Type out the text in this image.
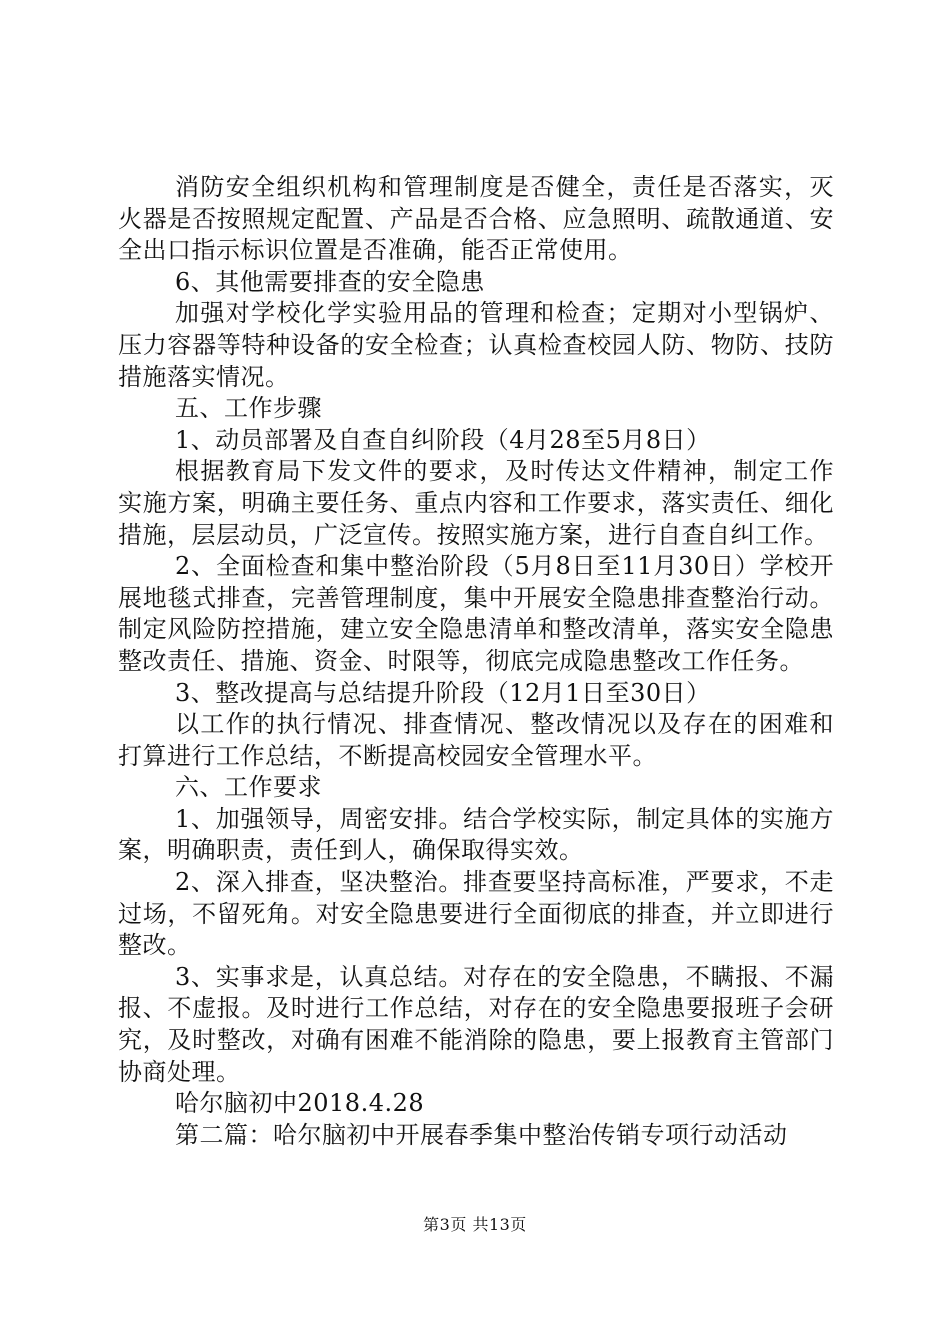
消防安全组织机构和管理制度是否健全，责任是否落实，灭火器是否按照规定配置、产品是否合格、应急照明、疏散通道、安全出口指示标识位置是否准确，能否正常使用。

6、其他需要排查的安全隐患

加强对学校化学实验用品的管理和检查；定期对小型锅炉、压力容器等特种设备的安全检查；认真检查校园人防、物防、技防措施落实情况。

五、工作步骤

1、动员部署及自查自纠阶段（4月28至5月8日）

根据教育局下发文件的要求，及时传达文件精神，制定工作实施方案，明确主要任务、重点内容和工作要求，落实责任、细化措施，层层动员，广泛宣传。按照实施方案，进行自查自纠工作。

2、全面检查和集中整治阶段（5月8日至11月30日）学校开展地毯式排查，完善管理制度，集中开展安全隐患排查整治行动。制定风险防控措施，建立安全隐患清单和整改清单，落实安全隐患整改责任、措施、资金、时限等，彻底完成隐患整改工作任务。

3、整改提高与总结提升阶段（12月1日至30日）

以工作的执行情况、排查情况、整改情况以及存在的困难和打算进行工作总结，不断提高校园安全管理水平。

六、工作要求

1、加强领导，周密安排。结合学校实际，制定具体的实施方案，明确职责，责任到人，确保取得实效。

2、深入排查，坚决整治。排查要坚持高标准，严要求，不走过场，不留死角。对安全隐患要进行全面彻底的排查，并立即进行整改。

3、实事求是，认真总结。对存在的安全隐患，不瞒报、不漏报、不虚报。及时进行工作总结，对存在的安全隐患要报班子会研究，及时整改，对确有困难不能消除的隐患，要上报教育主管部门协商处理。

哈尔脑初中2018.4.28

第二篇：哈尔脑初中开展春季集中整治传销专项行动活动

第3页 共13页
